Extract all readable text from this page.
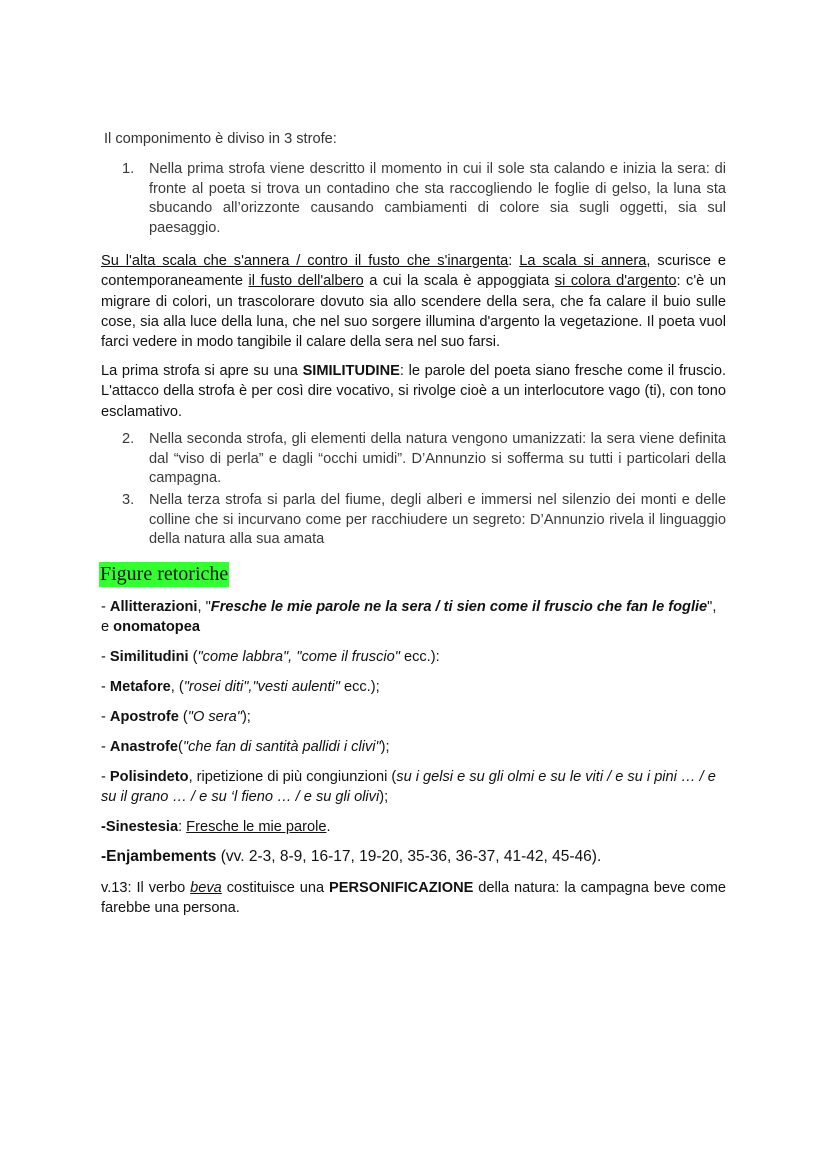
Il componimento è diviso in 3 strofe:
1. Nella prima strofa viene descritto il momento in cui il sole sta calando e inizia la sera: di fronte al poeta si trova un contadino che sta raccogliendo le foglie di gelso, la luna sta sbucando all’orizzonte causando cambiamenti di colore sia sugli oggetti, sia sul paesaggio.
Su l'alta scala che s'annera / contro il fusto che s'inargenta: La scala si annera, scurisce e contemporaneamente il fusto dell'albero a cui la scala è appoggiata si colora d'argento: c'è un migrare di colori, un trascolorare dovuto sia allo scendere della sera, che fa calare il buio sulle cose, sia alla luce della luna, che nel suo sorgere illumina d'argento la vegetazione. Il poeta vuol farci vedere in modo tangibile il calare della sera nel suo farsi.
La prima strofa si apre su una SIMILITUDINE: le parole del poeta siano fresche come il fruscio. L'attacco della strofa è per così dire vocativo, si rivolge cioè a un interlocutore vago (ti), con tono esclamativo.
2. Nella seconda strofa, gli elementi della natura vengono umanizzati: la sera viene definita dal “viso di perla” e dagli “occhi umidi”. D’Annunzio si sofferma su tutti i particolari della campagna.
3. Nella terza strofa si parla del fiume, degli alberi e immersi nel silenzio dei monti e delle colline che si incurvano come per racchiudere un segreto: D’Annunzio rivela il linguaggio della natura alla sua amata
Figure retoriche
- Allitterazioni, "Fresche le mie parole ne la sera / ti sien come il fruscio che fan le foglie", e onomatopea
- Similitudini ("come labbra", "come il fruscio" ecc.):
- Metafore, ("rosei diti","vesti aulenti" ecc.);
- Apostrofe ("O sera");
- Anastrofe("che fan di santità pallidi i clivi");
- Polisindeto, ripetizione di più congiunzioni (su i gelsi e su gli olmi e su le viti / e su i pini … / e su il grano … / e su ‘l fieno … / e su gli olivi);
-Sinestesia: Fresche le mie parole.
-Enjambements (vv. 2-3, 8-9, 16-17, 19-20, 35-36, 36-37, 41-42, 45-46).
v.13: Il verbo beva costituisce una PERSONIFICAZIONE della natura: la campagna beve come farebbe una persona.
